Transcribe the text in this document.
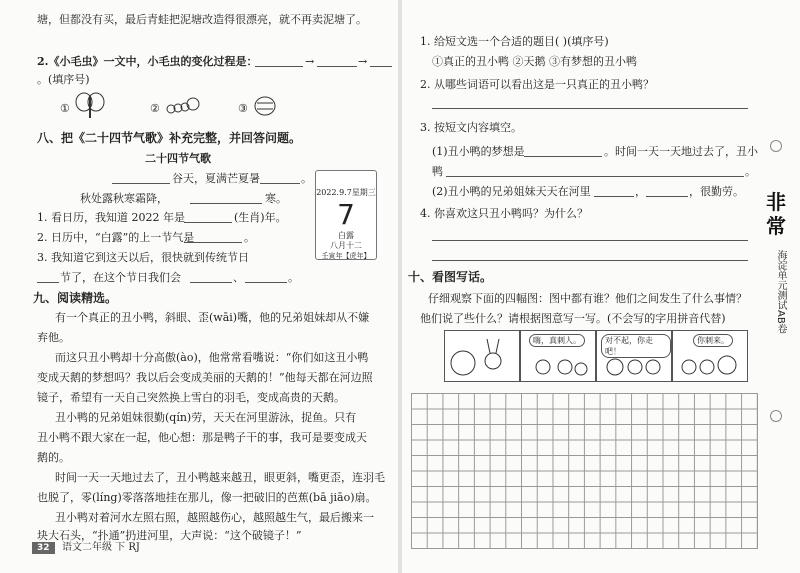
塘，但都没有买，最后青蛙把泥塘改造得很漂亮，就不再卖泥塘了。
2.《小毛虫》一文中，小毛虫的变化过程是：	→	→
。(填序号)
①	②	③
八、把《二十四节气歌》补充完整，并回答问题。
二十四节气歌
谷天，夏满芒夏暑	。
秋处露秋寒霜降，	寒。
1. 看日历，我知道 2022 年是	(生肖)年。
2. 日历中，“白露”的上一节气是	。
3. 我知道它到这天以后，很快就到传统节日
节了，在这个节日我们会	、	。
2022.9.7星期三
7
白露
八月十二
壬寅年【虎年】
九、阅读精选。
有一个真正的丑小鸭，斜眼、歪(wāi)嘴，他的兄弟姐妹却从不嫌
弃他。
而这只丑小鸭却十分高傲(ào)，他常常看嘴说：“你们如这丑小鸭
变成天鹅的梦想吗？我以后会变成美丽的天鹅的！”他每天都在河边照
镜子，希望有一天自己突然换上雪白的羽毛，变成高贵的天鹅。
丑小鸭的兄弟姐妹很勤(qín)劳，天天在河里游泳，捉鱼。只有
丑小鸭不跟大家在一起，他心想：那是鸭子干的事，我可是要变成天
鹅的。
时间一天一天地过去了，丑小鸭越来越丑，眼更斜，嘴更歪，连羽毛
也脱了，零(líng)零落落地挂在那儿，像一把破旧的芭蕉(bā jiāo)扇。
丑小鸭对着河水左照右照，越照越伤心，越照越生气，最后搬来一
块大石头，“扑通”扔进河里，大声说：“这个破镜子！”
32	语文二年级 下 RJ
1. 给短文选一个合适的题目( )(填序号)
①真正的丑小鸭 ②天鹅 ③有梦想的丑小鸭
2. 从哪些词语可以看出这是一只真正的丑小鸭？
3. 按短文内容填空。
(1)丑小鸭的梦想是	。时间一天一天地过去了，丑小
鸭	。
(2)丑小鸭的兄弟姐妹天天在河里	，	，很勤劳。
4. 你喜欢这只丑小鸭吗？为什么？
十、看图写话。
仔细观察下面的四幅图：图中都有谁？他们之间发生了什么事情？
他们说了些什么？请根据图意写一写。(不会写的字用拼音代替)
嗨，真刺人。	对不起，你走吧！
你刺来。
非常
海淀单元测试AB卷
